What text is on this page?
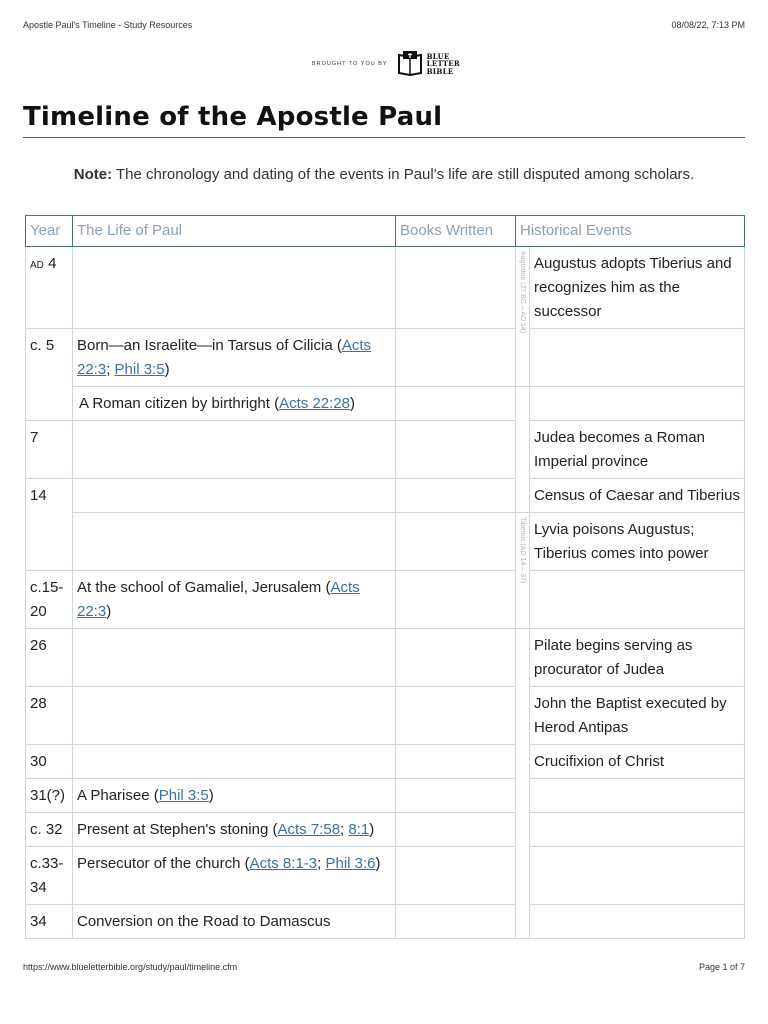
Apostle Paul's Timeline - Study Resources	08/08/22, 7:13 PM
BROUGHT TO YOU BY
BLUE
LETTER
BIBLE
Timeline of the Apostle Paul
Note: The chronology and dating of the events in Paul's life are still disputed among scholars.
Year	The Life of Paul	Books Written	Historical Events	
AD 4			Augustus (27 BC – AD 14)	Augustus adopts Tiberius and recognizes him as the successor
c. 5	Born—an Israelite—in Tarsus of Cilicia (Acts 22:3; Phil 3:5)			
	A Roman citizen by birthright (Acts 22:28)			
7				Judea becomes a Roman Imperial province
14				Census of Caesar and Tiberius

			Tiberius (AD 14 – 37)	Lyvia poisons Augustus; Tiberius comes into power
c.15-20	At the school of Gamaliel, Jerusalem (Acts 22:3)			
26				Pilate begins serving as procurator of Judea
28				John the Baptist executed by Herod Antipas
30				Crucifixion of Christ
31(?)	A Pharisee (Phil 3:5)			
c. 32	Present at Stephen's stoning (Acts 7:58; 8:1)			
c.33-34	Persecutor of the church (Acts 8:1-3; Phil 3:6)			
34	Conversion on the Road to Damascus			
https://www.blueletterbible.org/study/paul/timeline.cfm	Page 1 of 7
